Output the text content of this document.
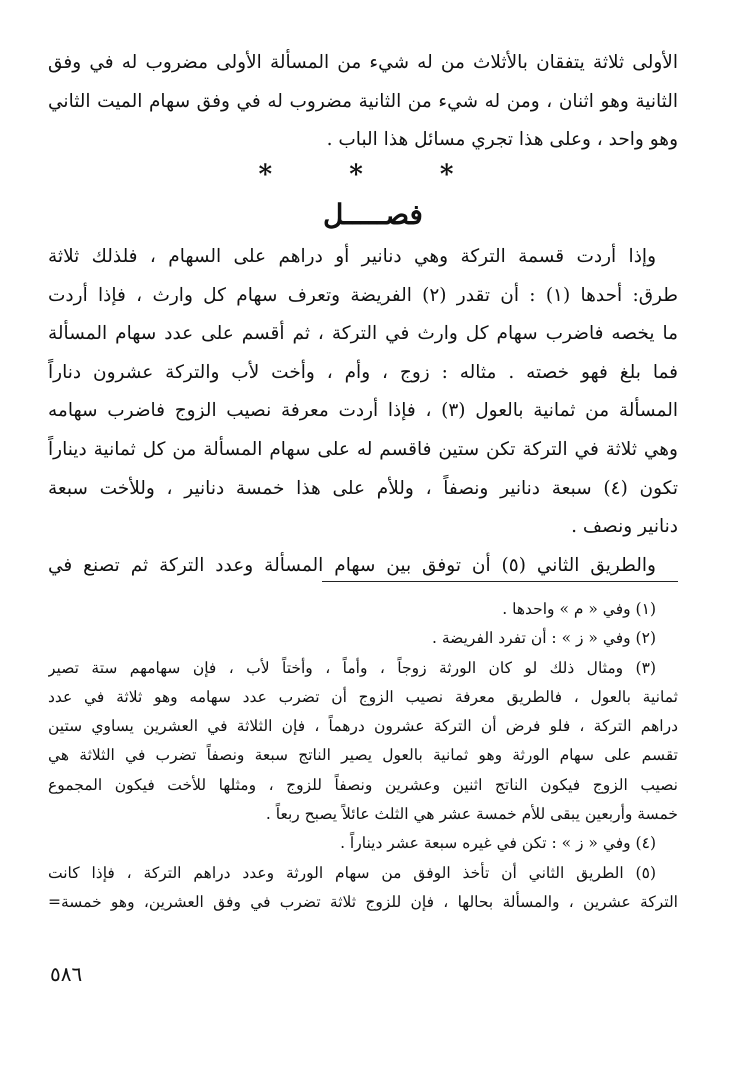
الأولى ثلاثة يتفقان بالأثلاث من له شيء من المسألة الأولى مضروب له في وفق
الثانية وهو اثنان ، ومن له شيء من الثانية مضروب له في وفق سهام الميت الثاني
وهو واحد ، وعلى هذا تجري مسائل هذا الباب .
* * *
فصـــــل
وإذا أردت قسمة التركة وهي دنانير أو دراهم على السهام ، فلذلك ثلاثة
طرق: أحدها (١) : أن تقدر (٢) الفريضة وتعرف سهام كل وارث ، فإذا أردت
ما يخصه فاضرب سهام كل وارث في التركة ، ثم أقسم على عدد سهام المسألة
فما بلغ فهو خصته . مثاله : زوج ، وأم ، وأخت لأب والتركة عشرون دناراً
المسألة من ثمانية بالعول (٣) ، فإذا أردت معرفة نصيب الزوج فاضرب سهامه
وهي ثلاثة في التركة تكن ستين فاقسم له على سهام المسألة من كل ثمانية ديناراً
تكون (٤) سبعة دنانير ونصفاً ، وللأم على هذا خمسة دنانير ، وللأخت سبعة
دنانير ونصف .
والطريق الثاني (٥) أن توفق بين سهام المسألة وعدد التركة ثم تصنع في
(١) وفي « م » واحدها .
(٢) وفي « ز » : أن تفرد الفريضة .
(٣) ومثال ذلك لو كان الورثة زوجاً ، وأماً ، وأختاً لأب ، فإن سهامهم ستة تصير
ثمانية بالعول ، فالطريق معرفة نصيب الزوج أن تضرب عدد سهامه وهو ثلاثة في عدد
دراهم التركة ، فلو فرض أن التركة عشرون درهماً ، فإن الثلاثة في العشرين يساوي ستين
تقسم على سهام الورثة وهو ثمانية بالعول يصير الناتج سبعة ونصفاً تضرب في الثلاثة هي
نصيب الزوج فيكون الناتج اثنين وعشرين ونصفاً للزوج ، ومثلها للأخت فيكون المجموع
خمسة وأربعين يبقى للأم خمسة عشر هي الثلث عائلاً يصبح ربعاً .
(٤) وفي « ز » : تكن في غيره سبعة عشر ديناراً .
(٥) الطريق الثاني أن تأخذ الوفق من سهام الورثة وعدد دراهم التركة ، فإذا كانت
التركة عشرين ، والمسألة بحالها ، فإن للزوج ثلاثة تضرب في وفق العشرين، وهو خمسة=
٥٨٦
